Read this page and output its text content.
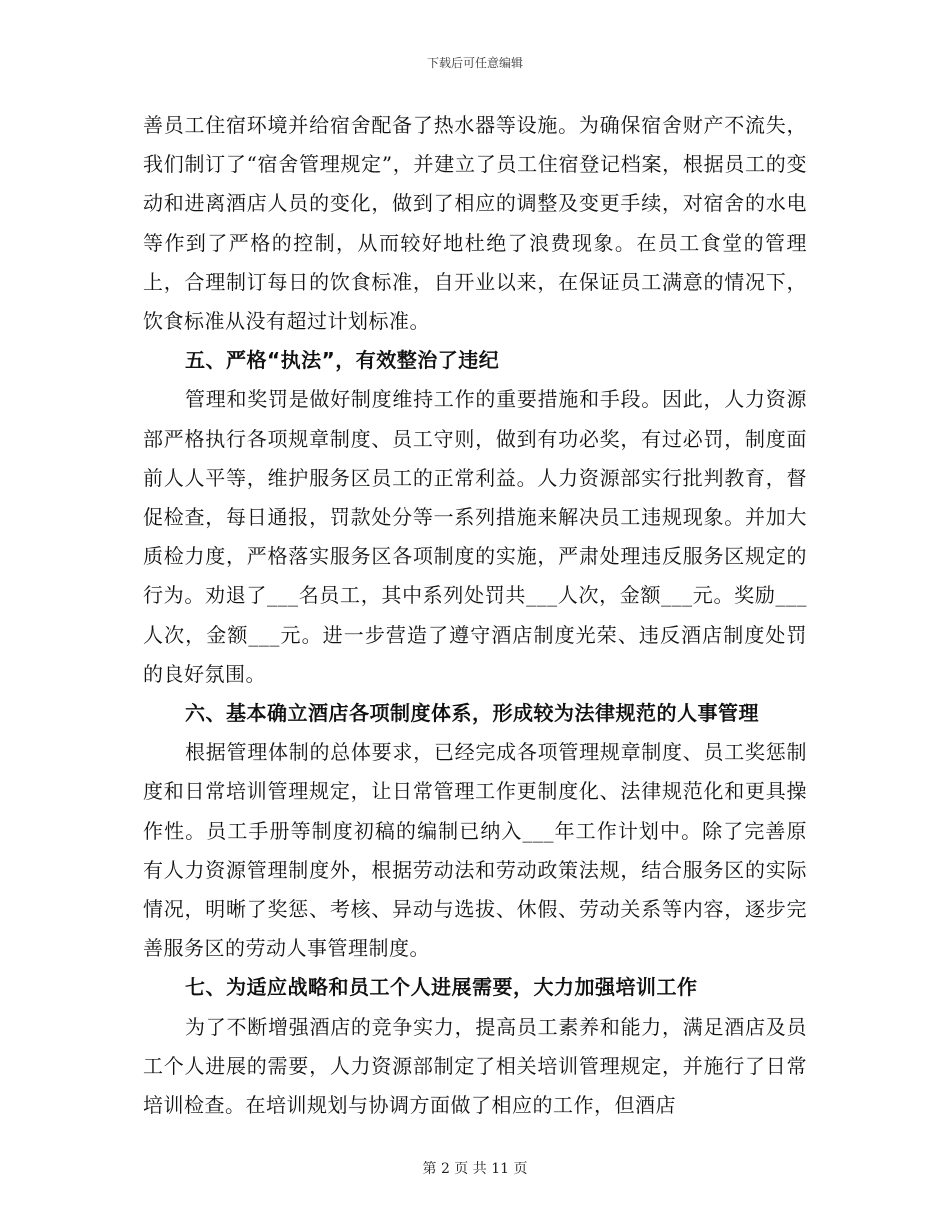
下载后可任意编辑

善员工住宿环境并给宿舍配备了热水器等设施。为确保宿舍财产不流失，我们制订了“宿舍管理规定”，并建立了员工住宿登记档案，根据员工的变动和进离酒店人员的变化，做到了相应的调整及变更手续，对宿舍的水电等作到了严格的控制，从而较好地杜绝了浪费现象。在员工食堂的管理上，合理制订每日的饮食标准，自开业以来，在保证员工满意的情况下，饮食标准从没有超过计划标准。

五、严格“执法”，有效整治了违纪

管理和奖罚是做好制度维持工作的重要措施和手段。因此，人力资源部严格执行各项规章制度、员工守则，做到有功必奖，有过必罚，制度面前人人平等，维护服务区员工的正常利益。人力资源部实行批判教育，督促检查，每日通报，罚款处分等一系列措施来解决员工违规现象。并加大质检力度，严格落实服务区各项制度的实施，严肃处理违反服务区规定的行为。劝退了___名员工，其中系列处罚共___人次，金额___元。奖励___人次，金额___元。进一步营造了遵守酒店制度光荣、违反酒店制度处罚的良好氛围。

六、基本确立酒店各项制度体系，形成较为法律规范的人事管理

根据管理体制的总体要求，已经完成各项管理规章制度、员工奖惩制度和日常培训管理规定，让日常管理工作更制度化、法律规范化和更具操作性。员工手册等制度初稿的编制已纳入___年工作计划中。除了完善原有人力资源管理制度外，根据劳动法和劳动政策法规，结合服务区的实际情况，明晰了奖惩、考核、异动与选拔、休假、劳动关系等内容，逐步完善服务区的劳动人事管理制度。

七、为适应战略和员工个人进展需要，大力加强培训工作

为了不断增强酒店的竞争实力，提高员工素养和能力，满足酒店及员工个人进展的需要，人力资源部制定了相关培训管理规定，并施行了日常培训检查。在培训规划与协调方面做了相应的工作，但酒店

第 2 页 共 11 页
